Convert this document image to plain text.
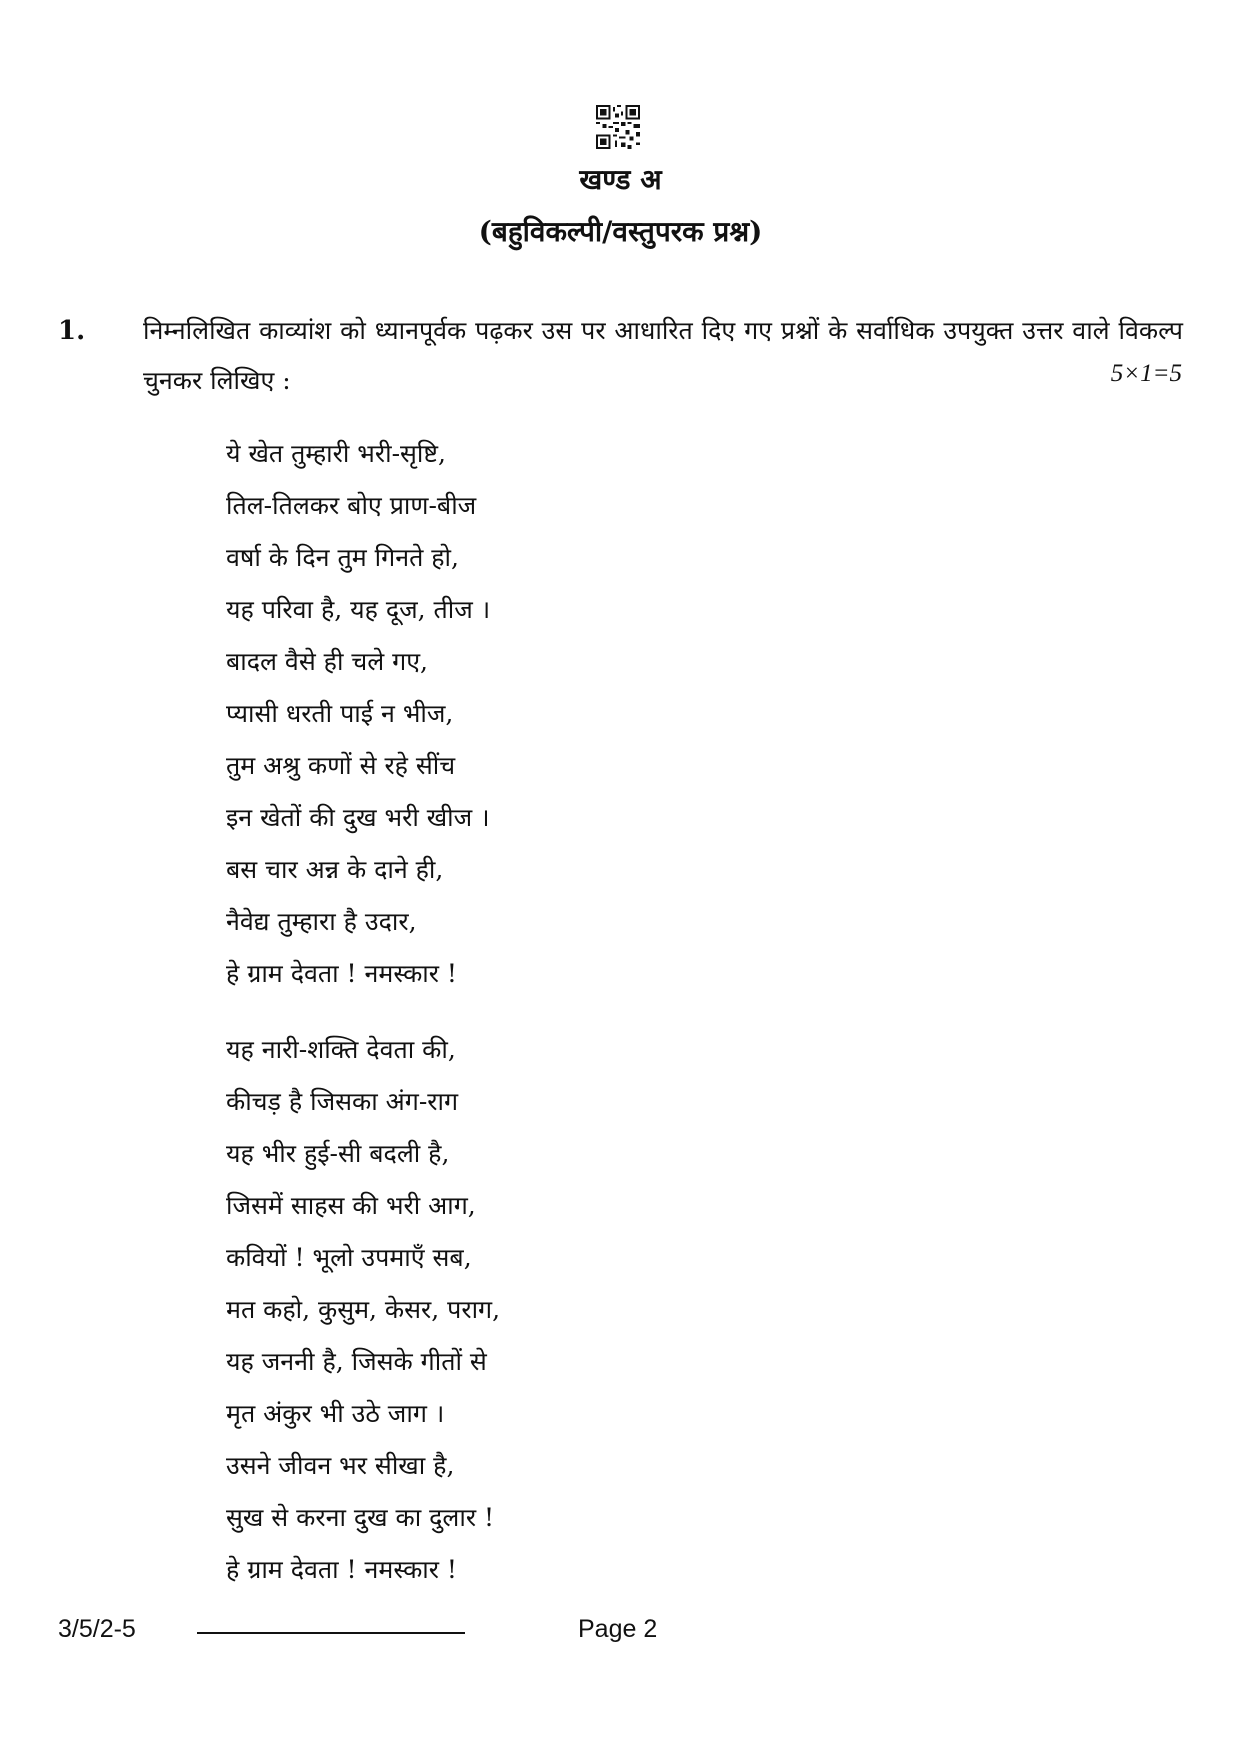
खण्ड अ
(बहुविकल्पी/वस्तुपरक प्रश्न)
1. निम्नलिखित काव्यांश को ध्यानपूर्वक पढ़कर उस पर आधारित दिए गए प्रश्नों के सर्वाधिक उपयुक्त उत्तर वाले विकल्प चुनकर लिखिए :	5×1=5
ये खेत तुम्हारी भरी-सृष्टि,
तिल-तिलकर बोए प्राण-बीज
वर्षा के दिन तुम गिनते हो,
यह परिवा है, यह दूज, तीज ।
बादल वैसे ही चले गए,
प्यासी धरती पाई न भीज,
तुम अश्रु कणों से रहे सींच
इन खेतों की दुख भरी खीज ।
बस चार अन्न के दाने ही,
नैवेद्य तुम्हारा है उदार,
हे ग्राम देवता ! नमस्कार !
यह नारी-शक्ति देवता की,
कीचड़ है जिसका अंग-राग
यह भीर हुई-सी बदली है,
जिसमें साहस की भरी आग,
कवियों ! भूलो उपमाएँ सब,
मत कहो, कुसुम, केसर, पराग,
यह जननी है, जिसके गीतों से
मृत अंकुर भी उठे जाग ।
उसने जीवन भर सीखा है,
सुख से करना दुख का दुलार !
हे ग्राम देवता ! नमस्कार !
3/5/2-5	Page 2
